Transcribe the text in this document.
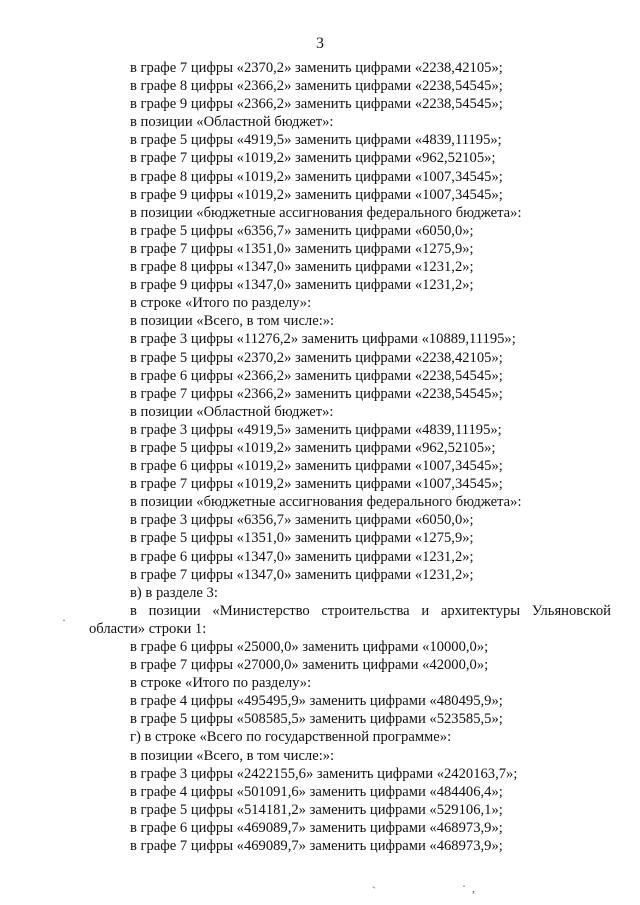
3
в графе 7 цифры «2370,2» заменить цифрами «2238,42105»;
в графе 8 цифры «2366,2» заменить цифрами «2238,54545»;
в графе 9 цифры «2366,2» заменить цифрами «2238,54545»;
в позиции «Областной бюджет»:
в графе 5 цифры «4919,5» заменить цифрами «4839,11195»;
в графе 7 цифры «1019,2» заменить цифрами «962,52105»;
в графе 8 цифры «1019,2» заменить цифрами «1007,34545»;
в графе 9 цифры «1019,2» заменить цифрами «1007,34545»;
в позиции «бюджетные ассигнования федерального бюджета»:
в графе 5 цифры «6356,7» заменить цифрами «6050,0»;
в графе 7 цифры «1351,0» заменить цифрами «1275,9»;
в графе 8 цифры «1347,0» заменить цифрами «1231,2»;
в графе 9 цифры «1347,0» заменить цифрами «1231,2»;
в строке «Итого по разделу»:
в позиции «Всего, в том числе:»:
в графе 3 цифры «11276,2» заменить цифрами «10889,11195»;
в графе 5 цифры «2370,2» заменить цифрами «2238,42105»;
в графе 6 цифры «2366,2» заменить цифрами «2238,54545»;
в графе 7 цифры «2366,2» заменить цифрами «2238,54545»;
в позиции «Областной бюджет»:
в графе 3 цифры «4919,5» заменить цифрами «4839,11195»;
в графе 5 цифры «1019,2» заменить цифрами «962,52105»;
в графе 6 цифры «1019,2» заменить цифрами «1007,34545»;
в графе 7 цифры «1019,2» заменить цифрами «1007,34545»;
в позиции «бюджетные ассигнования федерального бюджета»:
в графе 3 цифры «6356,7» заменить цифрами «6050,0»;
в графе 5 цифры «1351,0» заменить цифрами «1275,9»;
в графе 6 цифры «1347,0» заменить цифрами «1231,2»;
в графе 7 цифры «1347,0» заменить цифрами «1231,2»;
в) в разделе 3:
в позиции «Министерство строительства и архитектуры Ульяновской
области» строки 1:
в графе 6 цифры «25000,0» заменить цифрами «10000,0»;
в графе 7 цифры «27000,0» заменить цифрами «42000,0»;
в строке «Итого по разделу»:
в графе 4 цифры «495495,9» заменить цифрами «480495,9»;
в графе 5 цифры «508585,5» заменить цифрами «523585,5»;
г) в строке «Всего по государственной программе»:
в позиции «Всего, в том числе:»:
в графе 3 цифры «2422155,6» заменить цифрами «2420163,7»;
в графе 4 цифры «501091,6» заменить цифрами «484406,4»;
в графе 5 цифры «514181,2» заменить цифрами «529106,1»;
в графе 6 цифры «469089,7» заменить цифрами «468973,9»;
в графе 7 цифры «469089,7» заменить цифрами «468973,9»;
ˎ	· ,
·
